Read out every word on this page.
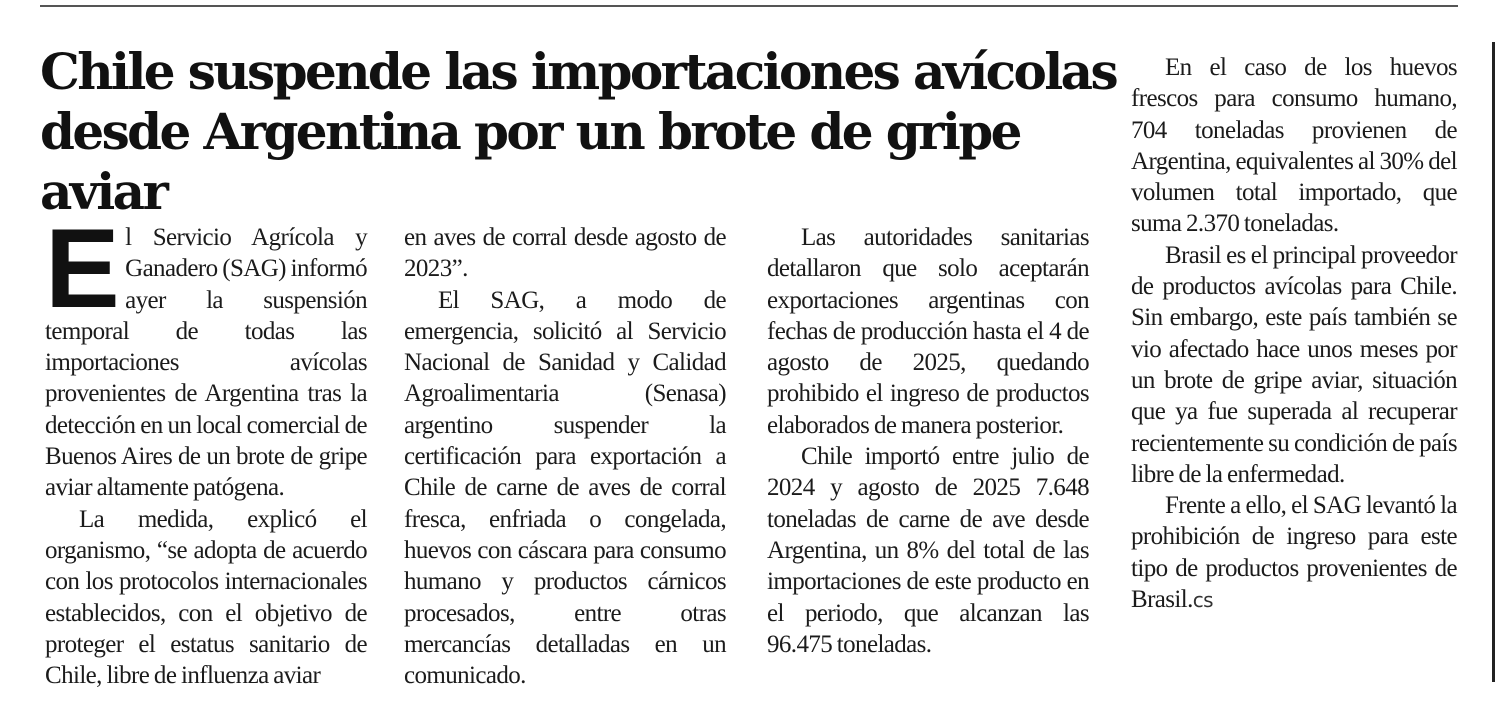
Chile suspende las importaciones avícolas desde Argentina por un brote de gripe aviar

El Servicio Agrícola y Ganadero (SAG) informó ayer la suspensión temporal de todas las importaciones avícolas provenientes de Argentina tras la detección en un local comercial de Buenos Aires de un brote de gripe aviar altamente patógena.

La medida, explicó el organismo, “se adopta de acuerdo con los protocolos internacionales establecidos, con el objetivo de proteger el estatus sanitario de Chile, libre de influenza aviar

en aves de corral desde agosto de 2023”.

El SAG, a modo de emergencia, solicitó al Servicio Nacional de Sanidad y Calidad Agroalimentaria (Senasa) argentino suspender la certificación para exportación a Chile de carne de aves de corral fresca, enfriada o congelada, huevos con cáscara para consumo humano y productos cárnicos procesados, entre otras mercancías detalladas en un comunicado.

Las autoridades sanitarias detallaron que solo aceptarán exportaciones argentinas con fechas de producción hasta el 4 de agosto de 2025, quedando prohibido el ingreso de productos elaborados de manera posterior.

Chile importó entre julio de 2024 y agosto de 2025 7.648 toneladas de carne de ave desde Argentina, un 8% del total de las importaciones de este producto en el periodo, que alcanzan las 96.475 toneladas.

En el caso de los huevos frescos para consumo humano, 704 toneladas provienen de Argentina, equivalentes al 30% del volumen total importado, que suma 2.370 toneladas.

Brasil es el principal proveedor de productos avícolas para Chile. Sin embargo, este país también se vio afectado hace unos meses por un brote de gripe aviar, situación que ya fue superada al recuperar recientemente su condición de país libre de la enfermedad.

Frente a ello, el SAG levantó la prohibición de ingreso para este tipo de productos provenientes de Brasil.cs
